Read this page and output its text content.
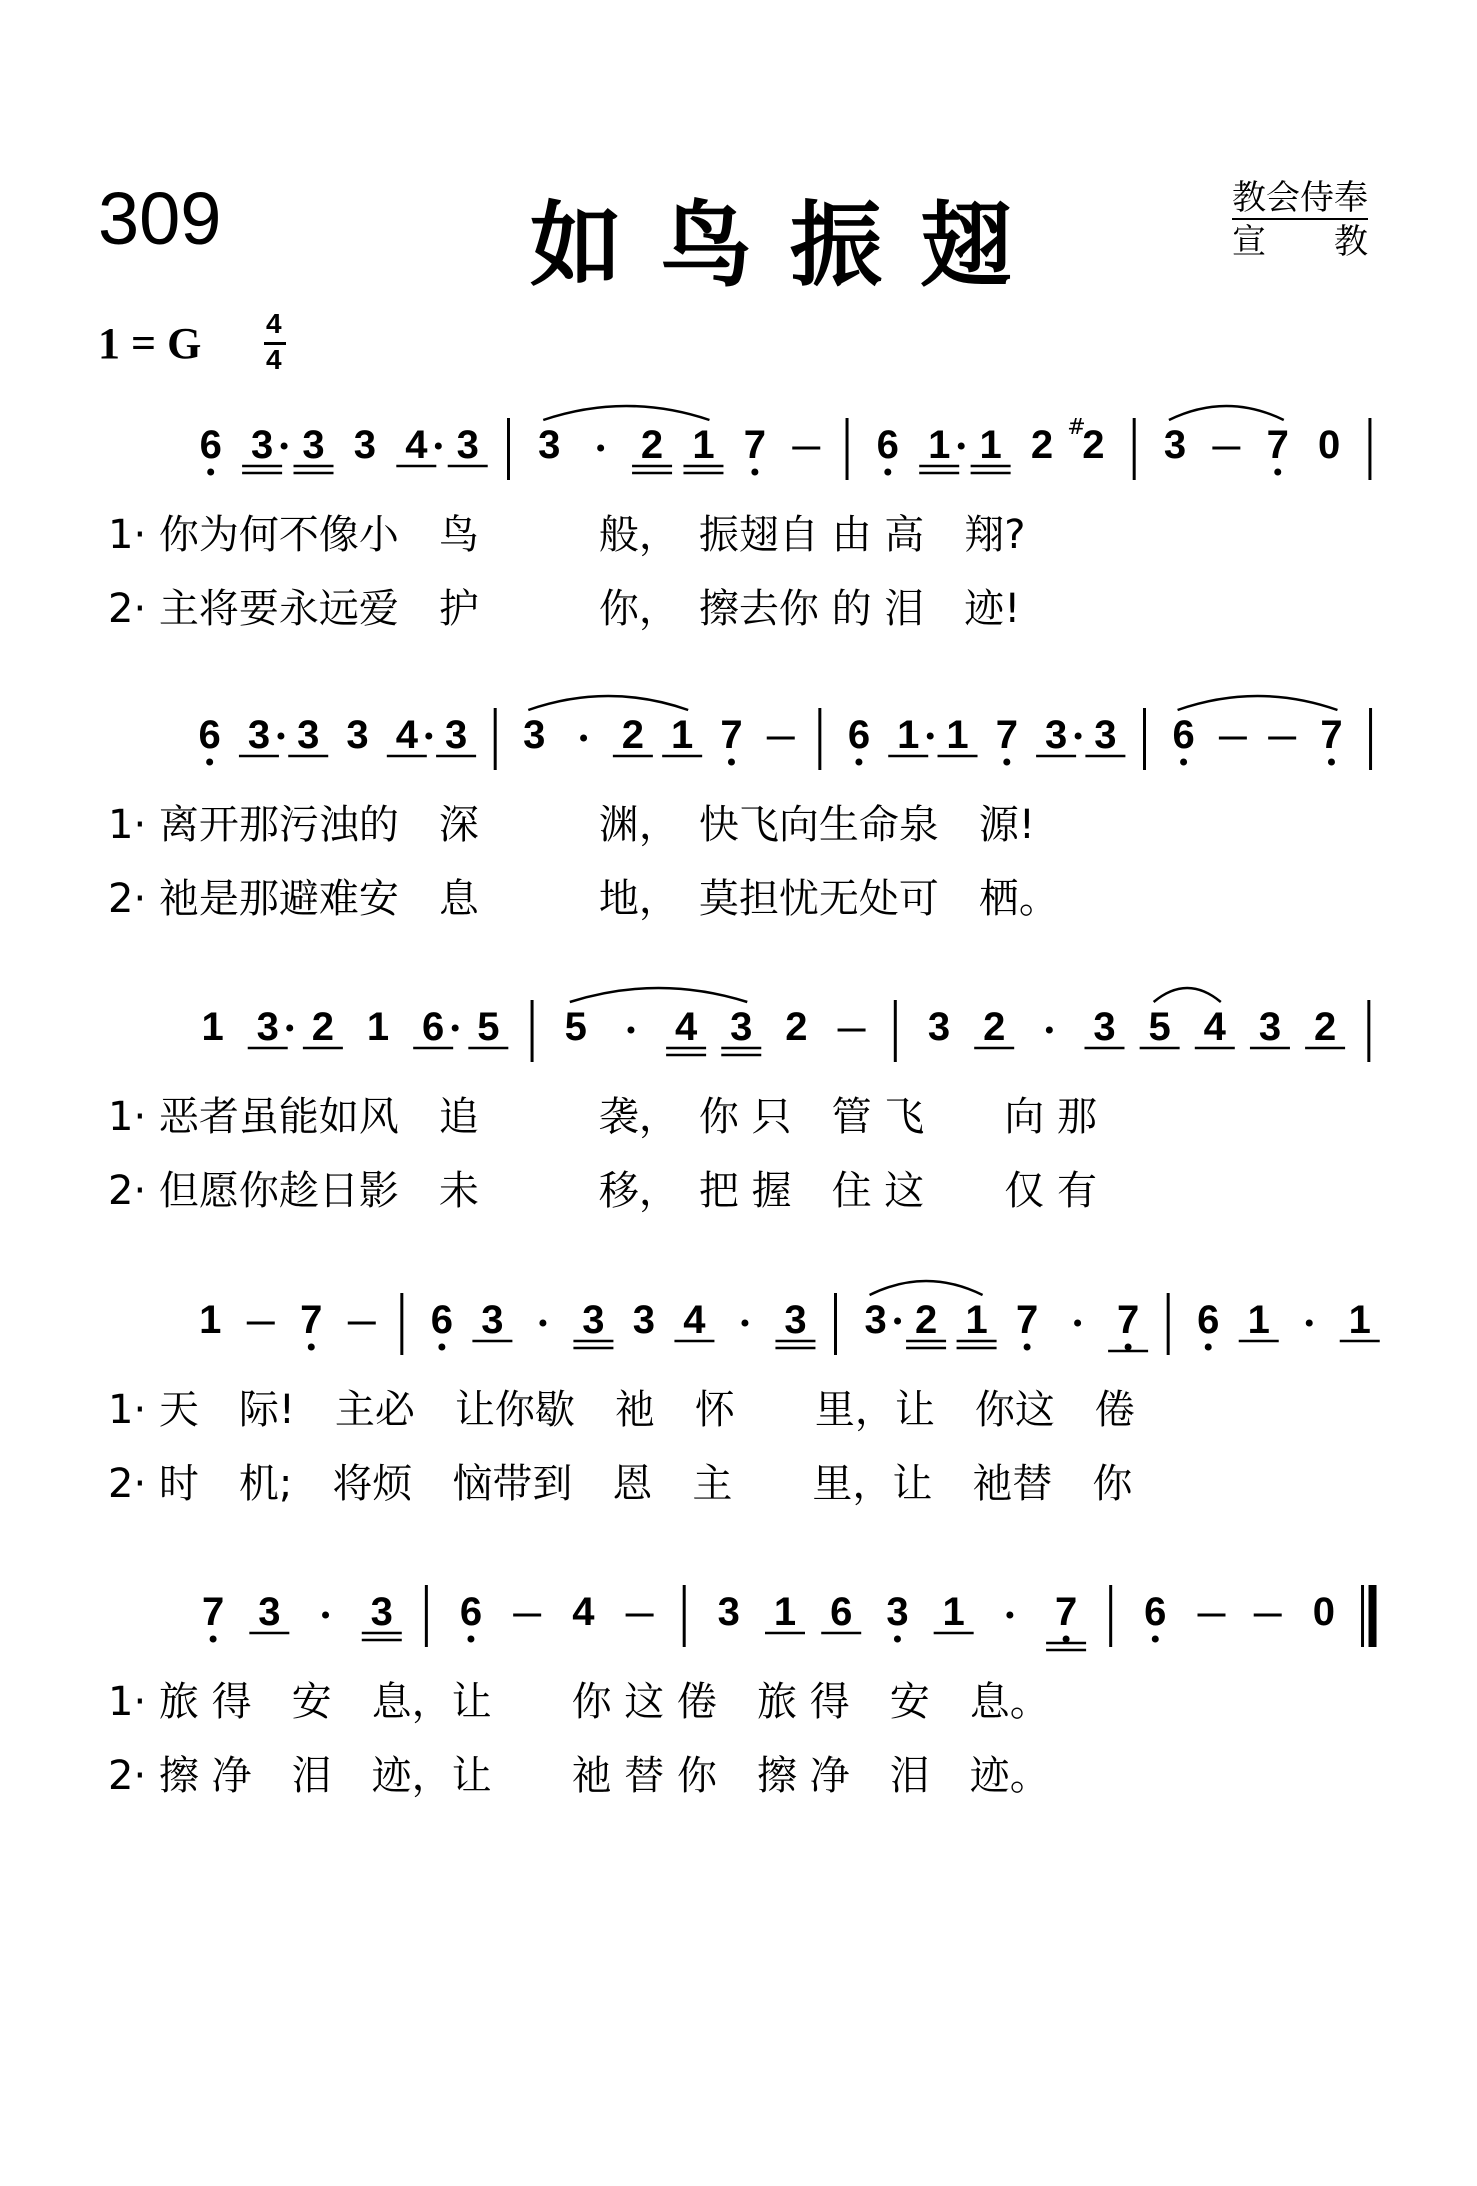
309	如鸟振翅	教会侍奉
宣　　教
1 = G 4
4
6 3 3 3 4 3 3 2 1 7	6 1 1 2 2
# 3 7 0
1· 你为何不像小　鸟　　　般，　振翅自 由 高　翔?
2· 主将要永远爱　护　　　你，　擦去你 的 泪　迹!
6 3 3 3 4 3 3 2 1 7	6 1 1 7 3 3 6	7
1· 离开那污浊的　深　　　渊，　快飞向生命泉　源!
2· 祂是那避难安　息　　　地，　莫担忧无处可　栖。
1 3 2 1 6 5 5 4 3 2	3 2 3 5 4 3 2
1· 恶者虽能如风　追　　　袭，　你 只　管 飞　　向 那
2· 但愿你趁日影　未　　　移，　把 握　住 这　　仅 有
1 7	6 3 3 3 4 3 3 2 1 7 7 6 1 1
1· 天　际!　主必　让你歇　祂　怀　　里，让　你这　倦
2· 时　机;　将烦　恼带到　恩　主　　里，让　祂替　你
7 3 3 6 4	3 1 6 3 1 7 6	0
1· 旅 得　安　息，让　　你 这 倦　旅 得　安　息。
2· 擦 净　泪　迹，让　　祂 替 你　擦 净　泪　迹。
